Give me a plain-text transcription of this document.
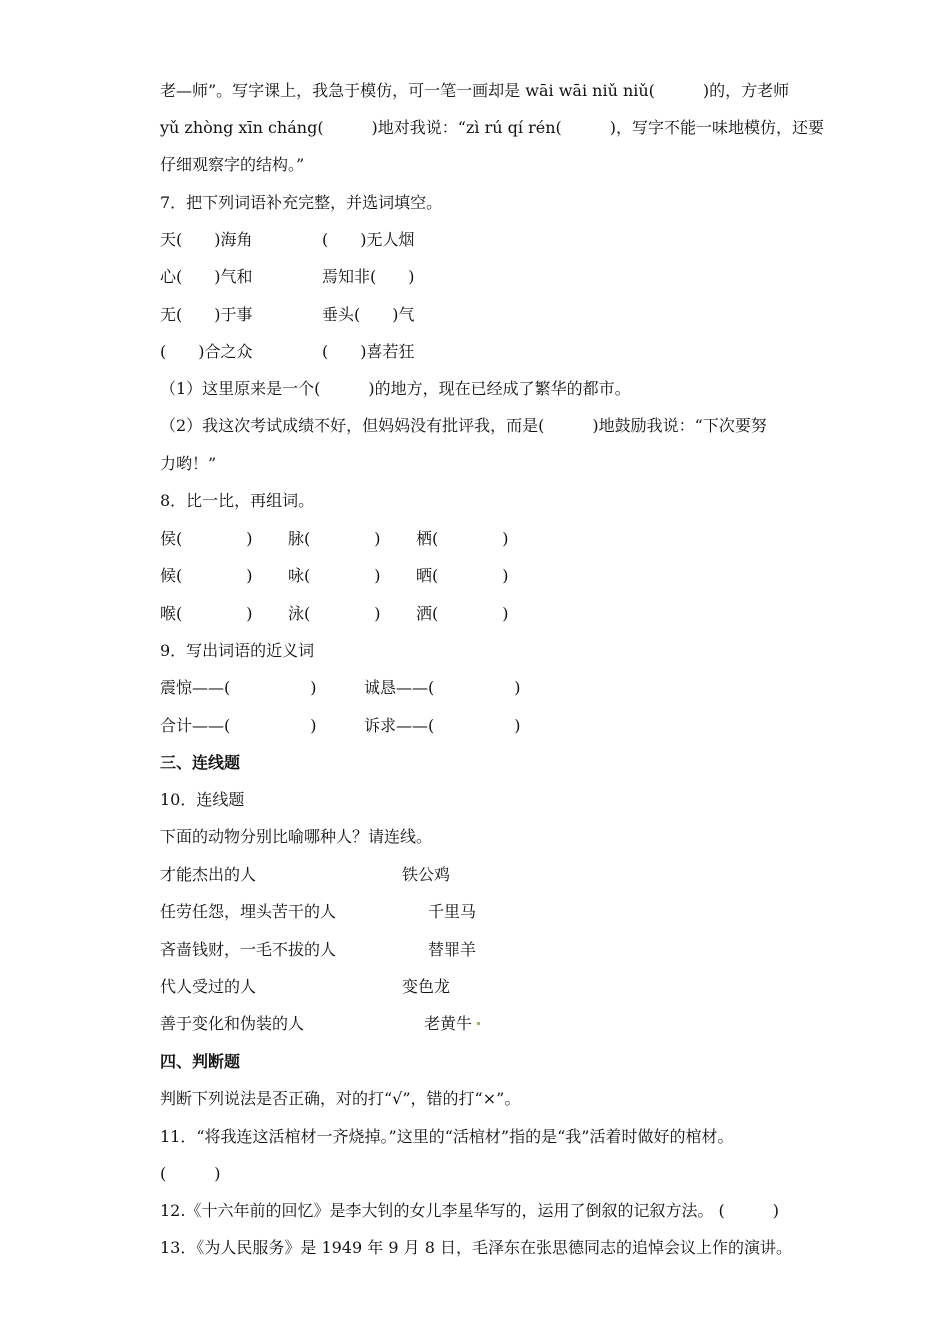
老—师”。写字课上，我急于模仿，可一笔一画却是 wāi wāi niǔ niǔ(　　　)的，方老师
yǔ zhòng xīn cháng(　　　)地对我说：“zì rú qí rén(　　　)，写字不能一味地模仿，还要
仔细观察字的结构。”
7．把下列词语补充完整，并选词填空。
天(　　)海角	(　　)无人烟
心(　　)气和	焉知非(　　)
无(　　)于事	垂头(　　)气
(　　)合之众	(　　)喜若狂
（1）这里原来是一个(　　　)的地方，现在已经成了繁华的都市。
（2）我这次考试成绩不好，但妈妈没有批评我，而是(　　　)地鼓励我说：“下次要努
力哟！”
8．比一比，再组词。
侯(　　　　) 脉(　　　　) 栖(　　　　)
候(　　　　) 咏(　　　　) 晒(　　　　)
喉(　　　　) 泳(　　　　) 洒(　　　　)
9．写出词语的近义词
震惊——(　　　　　)	诚恳——(　　　　　)
合计——(　　　　　)	诉求——(　　　　　)
三、连线题
10．连线题
下面的动物分别比喻哪种人？请连线。
才能杰出的人	铁公鸡
任劳任怨，埋头苦干的人	千里马
吝啬钱财，一毛不拔的人	替罪羊
代人受过的人	变色龙
善于变化和伪装的人	老黄牛
四、判断题
判断下列说法是否正确，对的打“√”，错的打“×”。
11．“将我连这活棺材一齐烧掉。”这里的“活棺材”指的是“我”活着时做好的棺材。
(　　　)
12.《十六年前的回忆》是李大钊的女儿李星华写的，运用了倒叙的记叙方法。 (　　　)
13．《为人民服务》是 1949 年 9 月 8 日，毛泽东在张思德同志的追悼会议上作的演讲。
